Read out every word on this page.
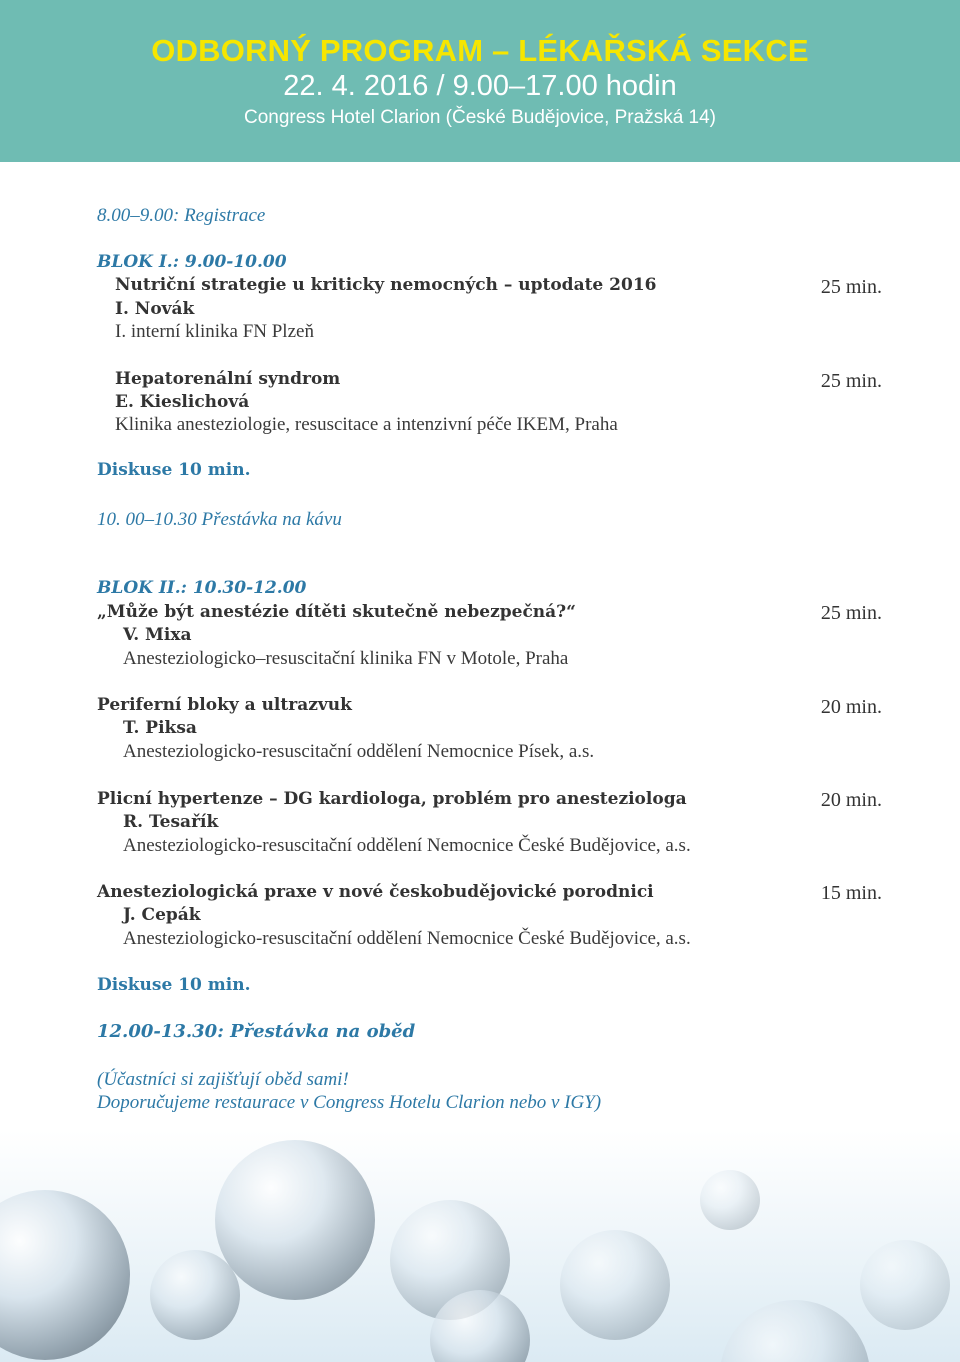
ODBORNÝ PROGRAM – LÉKAŘSKÁ SEKCE
22. 4. 2016 / 9.00–17.00 hodin
Congress Hotel Clarion (České Budějovice, Pražská 14)
8.00–9.00: Registrace
BLOK I.: 9.00-10.00
Nutriční strategie u kriticky nemocných – uptodate 2016	25 min.
I. Novák
I. interní klinika FN Plzeň
Hepatorenální syndrom	25 min.
E. Kieslichová
Klinika anesteziologie, resuscitace a intenzivní péče IKEM, Praha
Diskuse 10 min.
10. 00–10.30 Přestávka na kávu
BLOK II.: 10.30-12.00
„Může být anestézie dítěti skutečně nebezpečná?“	25 min.
V. Mixa
Anesteziologicko–resuscitační klinika FN v Motole, Praha
Periferní bloky a ultrazvuk	20 min.
T. Piksa
Anesteziologicko-resuscitační oddělení Nemocnice Písek, a.s.
Plicní hypertenze – DG kardiologa, problém pro anesteziologa	20 min.
R. Tesařík
Anesteziologicko-resuscitační oddělení Nemocnice České Budějovice, a.s.
Anesteziologická praxe v nové českobudějovické porodnici	15 min.
J. Cepák
Anesteziologicko-resuscitační oddělení Nemocnice České Budějovice, a.s.
Diskuse 10 min.
12.00-13.30: Přestávka na oběd
(Účastníci si zajišťují oběd sami!
Doporučujeme restaurace v Congress Hotelu Clarion nebo v IGY)
